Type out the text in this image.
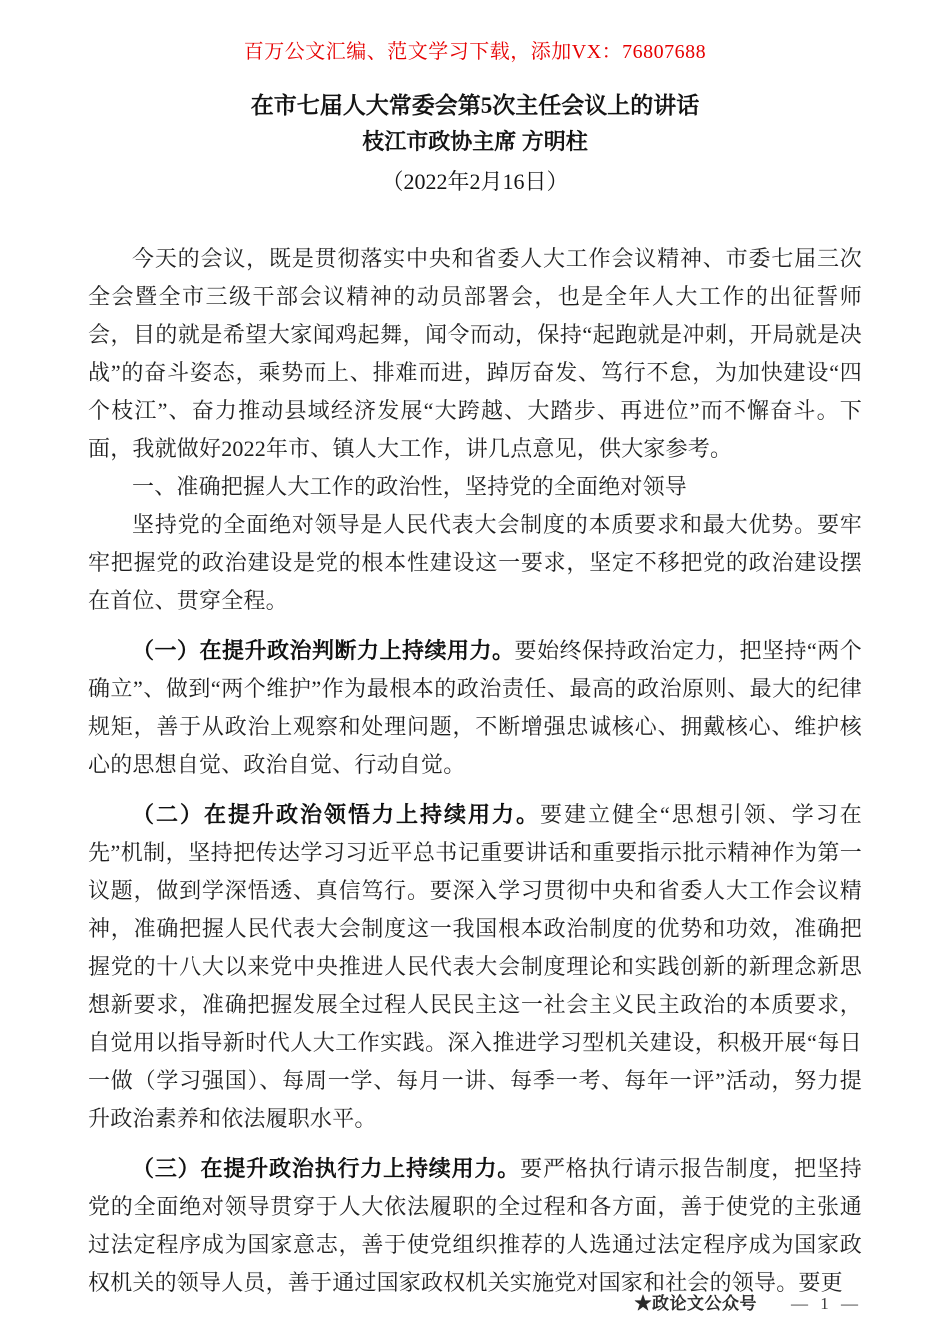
百万公文汇编、范文学习下载，添加VX：76807688
在市七届人大常委会第5次主任会议上的讲话
枝江市政协主席 方明柱
（2022年2月16日）

今天的会议，既是贯彻落实中央和省委人大工作会议精神、市委七届三次全会暨全市三级干部会议精神的动员部署会，也是全年人大工作的出征誓师会，目的就是希望大家闻鸡起舞，闻令而动，保持“起跑就是冲刺，开局就是决战”的奋斗姿态，乘势而上、排难而进，踔厉奋发、笃行不怠，为加快建设“四个枝江”、奋力推动县域经济发展“大跨越、大踏步、再进位”而不懈奋斗。下面，我就做好2022年市、镇人大工作，讲几点意见，供大家参考。

一、准确把握人大工作的政治性，坚持党的全面绝对领导

坚持党的全面绝对领导是人民代表大会制度的本质要求和最大优势。要牢牢把握党的政治建设是党的根本性建设这一要求，坚定不移把党的政治建设摆在首位、贯穿全程。

（一）在提升政治判断力上持续用力。要始终保持政治定力，把坚持“两个确立”、做到“两个维护”作为最根本的政治责任、最高的政治原则、最大的纪律规矩，善于从政治上观察和处理问题，不断增强忠诚核心、拥戴核心、维护核心的思想自觉、政治自觉、行动自觉。

（二）在提升政治领悟力上持续用力。要建立健全“思想引领、学习在先”机制，坚持把传达学习习近平总书记重要讲话和重要指示批示精神作为第一议题，做到学深悟透、真信笃行。要深入学习贯彻中央和省委人大工作会议精神，准确把握人民代表大会制度这一我国根本政治制度的优势和功效，准确把握党的十八大以来党中央推进人民代表大会制度理论和实践创新的新理念新思想新要求，准确把握发展全过程人民民主这一社会主义民主政治的本质要求，自觉用以指导新时代人大工作实践。深入推进学习型机关建设，积极开展“每日一做（学习强国）、每周一学、每月一讲、每季一考、每年一评”活动，努力提升政治素养和依法履职水平。

（三）在提升政治执行力上持续用力。要严格执行请示报告制度，把坚持党的全面绝对领导贯穿于人大依法履职的全过程和各方面，善于使党的主张通过法定程序成为国家意志，善于使党组织推荐的人选通过法定程序成为国家政权机关的领导人员，善于通过国家政权机关实施党对国家和社会的领导。要更

★政论文公众号 — 1 —
